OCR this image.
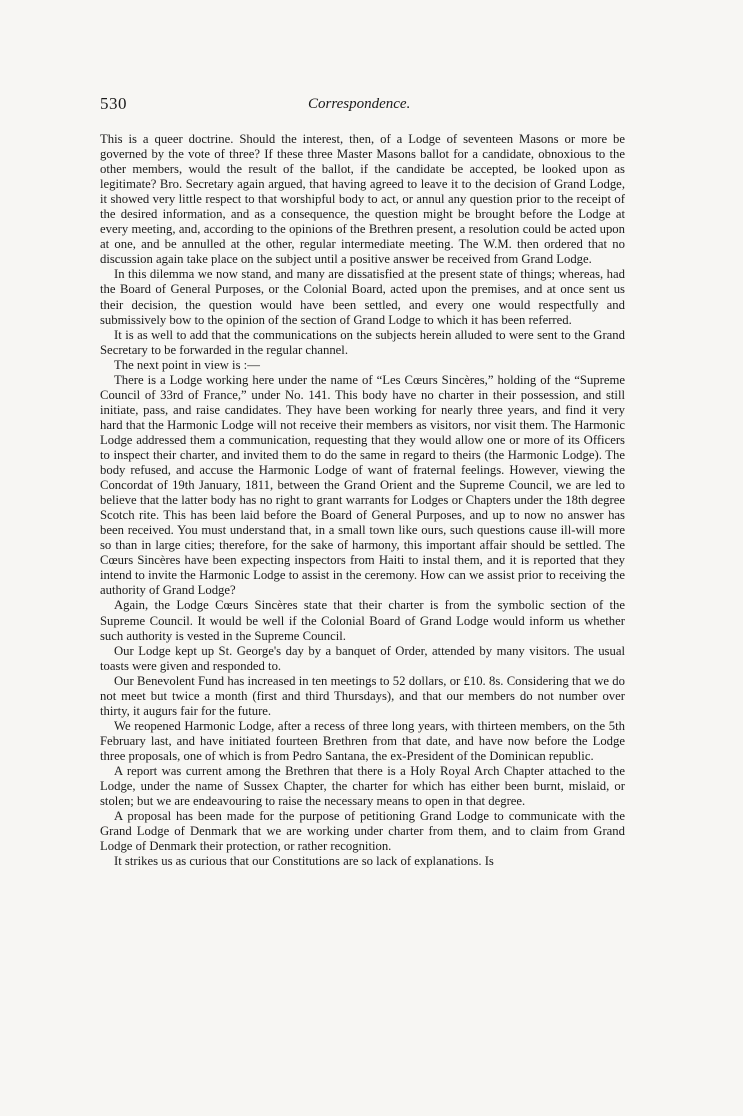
530	Correspondence.

This is a queer doctrine. Should the interest, then, of a Lodge of seventeen Masons or more be governed by the vote of three? If these three Master Masons ballot for a candidate, obnoxious to the other members, would the result of the ballot, if the candidate be accepted, be looked upon as legitimate? Bro. Secretary again argued, that having agreed to leave it to the decision of Grand Lodge, it showed very little respect to that worshipful body to act, or annul any question prior to the receipt of the desired information, and as a consequence, the question might be brought before the Lodge at every meeting, and, according to the opinions of the Brethren present, a resolution could be acted upon at one, and be annulled at the other, regular intermediate meeting. The W.M. then ordered that no discussion again take place on the subject until a positive answer be received from Grand Lodge.

In this dilemma we now stand, and many are dissatisfied at the present state of things; whereas, had the Board of General Purposes, or the Colonial Board, acted upon the premises, and at once sent us their decision, the question would have been settled, and every one would respectfully and submissively bow to the opinion of the section of Grand Lodge to which it has been referred.

It is as well to add that the communications on the subjects herein alluded to were sent to the Grand Secretary to be forwarded in the regular channel.

The next point in view is :—

There is a Lodge working here under the name of “Les Cœurs Sincères,” holding of the “Supreme Council of 33rd of France,” under No. 141. This body have no charter in their possession, and still initiate, pass, and raise candidates. They have been working for nearly three years, and find it very hard that the Harmonic Lodge will not receive their members as visitors, nor visit them. The Harmonic Lodge addressed them a communication, requesting that they would allow one or more of its Officers to inspect their charter, and invited them to do the same in regard to theirs (the Harmonic Lodge). The body refused, and accuse the Harmonic Lodge of want of fraternal feelings. However, viewing the Concordat of 19th January, 1811, between the Grand Orient and the Supreme Council, we are led to believe that the latter body has no right to grant warrants for Lodges or Chapters under the 18th degree Scotch rite. This has been laid before the Board of General Purposes, and up to now no answer has been received. You must understand that, in a small town like ours, such questions cause ill-will more so than in large cities; therefore, for the sake of harmony, this important affair should be settled. The Cœurs Sincères have been expecting inspectors from Haiti to instal them, and it is reported that they intend to invite the Harmonic Lodge to assist in the ceremony. How can we assist prior to receiving the authority of Grand Lodge?

Again, the Lodge Cœurs Sincères state that their charter is from the symbolic section of the Supreme Council. It would be well if the Colonial Board of Grand Lodge would inform us whether such authority is vested in the Supreme Council.

Our Lodge kept up St. George's day by a banquet of Order, attended by many visitors. The usual toasts were given and responded to.

Our Benevolent Fund has increased in ten meetings to 52 dollars, or £10. 8s. Considering that we do not meet but twice a month (first and third Thursdays), and that our members do not number over thirty, it augurs fair for the future.

We reopened Harmonic Lodge, after a recess of three long years, with thirteen members, on the 5th February last, and have initiated fourteen Brethren from that date, and have now before the Lodge three proposals, one of which is from Pedro Santana, the ex-President of the Dominican republic.

A report was current among the Brethren that there is a Holy Royal Arch Chapter attached to the Lodge, under the name of Sussex Chapter, the charter for which has either been burnt, mislaid, or stolen; but we are endeavouring to raise the necessary means to open in that degree.

A proposal has been made for the purpose of petitioning Grand Lodge to communicate with the Grand Lodge of Denmark that we are working under charter from them, and to claim from Grand Lodge of Denmark their protection, or rather recognition.

It strikes us as curious that our Constitutions are so lack of explanations. Is
